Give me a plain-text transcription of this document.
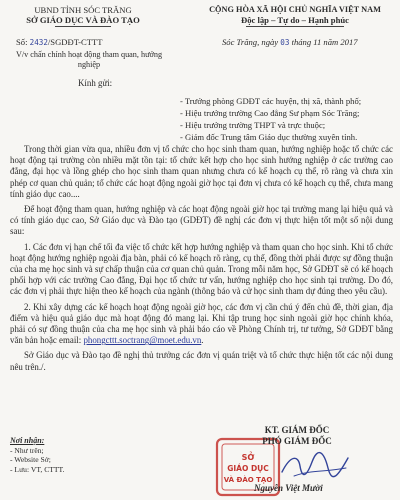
UBND TỈNH SÓC TRĂNG
SỞ GIÁO DỤC VÀ ĐÀO TẠO
CỘNG HÒA XÃ HỘI CHỦ NGHĨA VIỆT NAM
Độc lập – Tự do – Hạnh phúc
Số: 2432/SGDĐT-CTTT	Sóc Trăng, ngày 03 tháng 11 năm 2017
V/v chấn chỉnh hoạt động tham quan, hướng nghiệp
Kính gửi:
- Trưởng phòng GDĐT các huyện, thị xã, thành phố;
- Hiệu trưởng trường Cao đẳng Sư phạm Sóc Trăng;
- Hiệu trưởng trường THPT và trực thuộc;
- Giám đốc Trung tâm Giáo dục thường xuyên tỉnh.

Trong thời gian vừa qua, nhiều đơn vị tổ chức cho học sinh tham quan, hướng nghiệp hoặc tổ chức các hoạt động tại trường còn nhiều mặt tồn tại: tổ chức kết hợp cho học sinh hướng nghiệp ở các trường cao đẳng, đại học và lồng ghép cho học sinh tham quan nhưng chưa có kế hoạch cụ thể, rõ ràng và chưa xin phép cơ quan chủ quản; tổ chức các hoạt động ngoài giờ học tại đơn vị chưa có kế hoạch cụ thể, chưa mang tính giáo dục cao....

Để hoạt động tham quan, hướng nghiệp và các hoạt động ngoài giờ học tại trường mang lại hiệu quả và có tính giáo dục cao, Sở Giáo dục và Đào tạo (GDĐT) đề nghị các đơn vị thực hiện tốt một số nội dung sau:

1. Các đơn vị hạn chế tối đa việc tổ chức kết hợp hướng nghiệp và tham quan cho học sinh. Khi tổ chức hoạt động hướng nghiệp ngoài địa bàn, phải có kế hoạch rõ ràng, cụ thể, đồng thời phải được sự đồng thuận của cha mẹ học sinh và sự chấp thuận của cơ quan chủ quản. Trong mỗi năm học, Sở GDĐT sẽ có kế hoạch phối hợp với các trường Cao đẳng, Đại học tổ chức tư vấn, hướng nghiệp cho học sinh tại trường. Do đó, các đơn vị phải thực hiện theo kế hoạch của ngành (thông báo và cử học sinh tham dự đúng theo yêu cầu).

2. Khi xây dựng các kế hoạch hoạt động ngoài giờ học, các đơn vị cần chú ý đến chủ đề, thời gian, địa điểm và hiệu quả giáo dục mà hoạt động đó mang lại. Khi tập trung học sinh ngoài giờ học chính khóa, phải có sự đồng thuận của cha mẹ học sinh và phải báo cáo về Phòng Chính trị, tư tưởng, Sở GDĐT bằng văn bản hoặc email: phongcttt.soctrang@moet.edu.vn.

Sở Giáo dục và Đào tạo đề nghị thủ trưởng các đơn vị quán triệt và tổ chức thực hiện tốt các nội dung nêu trên./.

Nơi nhận:
- Như trên;
- Website Sở;
- Lưu: VT, CTTT.
SỞ
GIÁO DỤC
VÀ ĐÀO TẠO
KT. GIÁM ĐỐC
PHÓ GIÁM ĐỐC
Nguyễn Việt Mười
